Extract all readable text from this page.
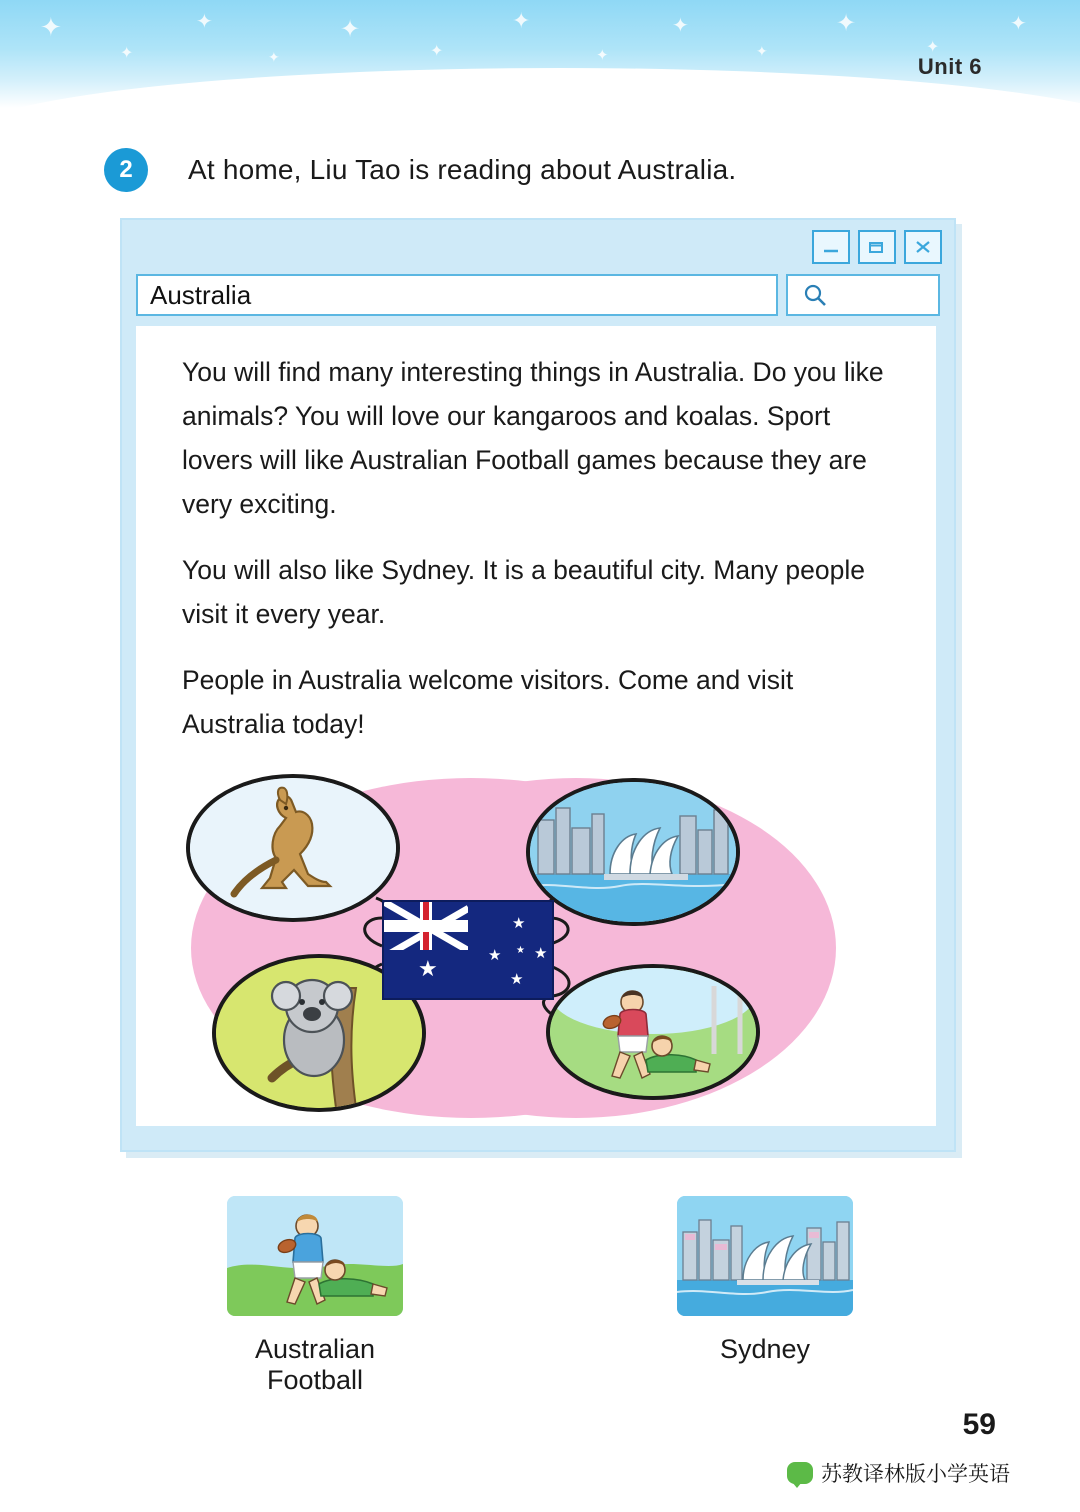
✦
✦
✦
✦
✦
✦
✦
✦
✦
✦
✦
✦
✦
Unit 6
2	At home, Liu Tao is reading about Australia.
Australia

You will find many interesting things in Australia. Do you like animals? You will love our kangaroos and koalas. Sport lovers will like Australian Football games because they are very exciting.

You will also like Sydney. It is a beautiful city. Many people visit it every year.

People in Australia welcome visitors. Come and visit Australia today!

★
★
★
★
★ ★
Australian Football
Sydney
59
苏教译林版小学英语
